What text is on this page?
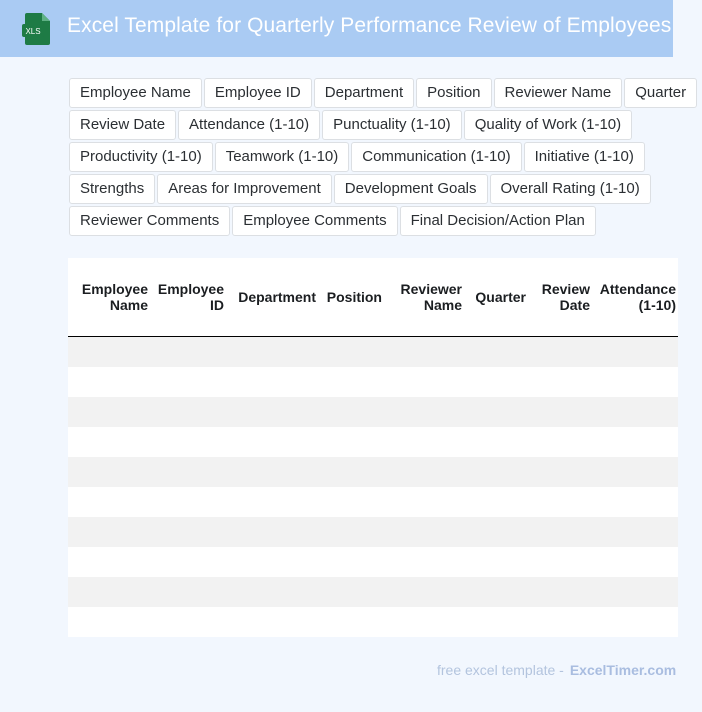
XLS Excel Template for Quarterly Performance Review of Employees
Employee Name	Employee ID	Department	Position	Reviewer Name	Quarter
Review Date	Attendance (1-10)	Punctuality (1-10)	Quality of Work (1-10)
Productivity (1-10)	Teamwork (1-10)	Communication (1-10)	Initiative (1-10)
Strengths	Areas for Improvement	Development Goals	Overall Rating (1-10)
Reviewer Comments	Employee Comments	Final Decision/Action Plan
Employee Name	Employee ID	Department	Position	Reviewer Name	Quarter	Review Date	Attendance (1-10)

free excel template - ExcelTimer.com
